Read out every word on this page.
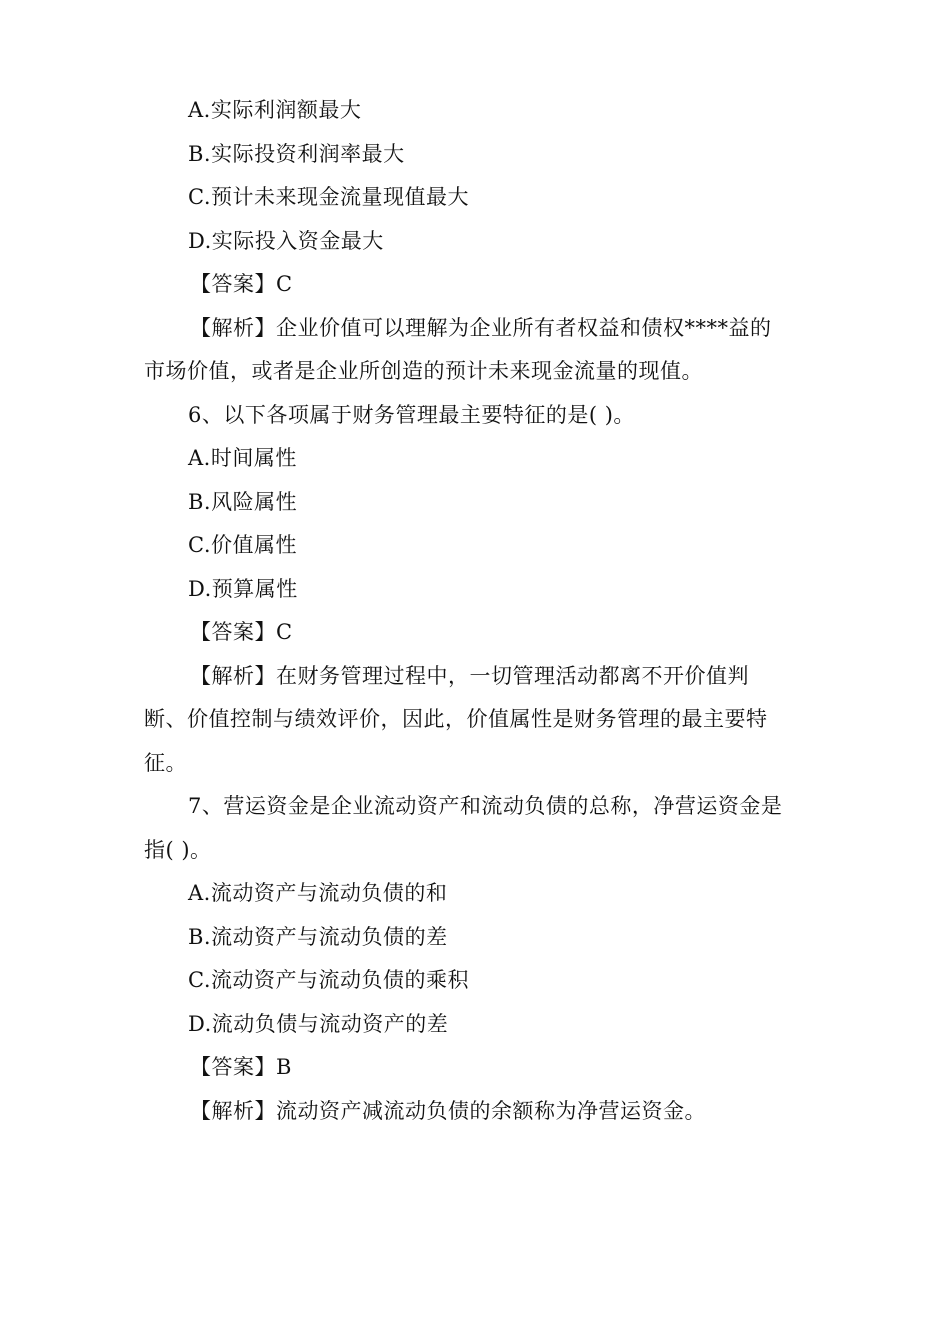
A.实际利润额最大
B.实际投资利润率最大
C.预计未来现金流量现值最大
D.实际投入资金最大
【答案】C
【解析】企业价值可以理解为企业所有者权益和债权****益的
市场价值，或者是企业所创造的预计未来现金流量的现值。
6、以下各项属于财务管理最主要特征的是( )。
A.时间属性
B.风险属性
C.价值属性
D.预算属性
【答案】C
【解析】在财务管理过程中，一切管理活动都离不开价值判
断、价值控制与绩效评价，因此，价值属性是财务管理的最主要特
征。
7、营运资金是企业流动资产和流动负债的总称，净营运资金是
指( )。
A.流动资产与流动负债的和
B.流动资产与流动负债的差
C.流动资产与流动负债的乘积
D.流动负债与流动资产的差
【答案】B
【解析】流动资产减流动负债的余额称为净营运资金。
